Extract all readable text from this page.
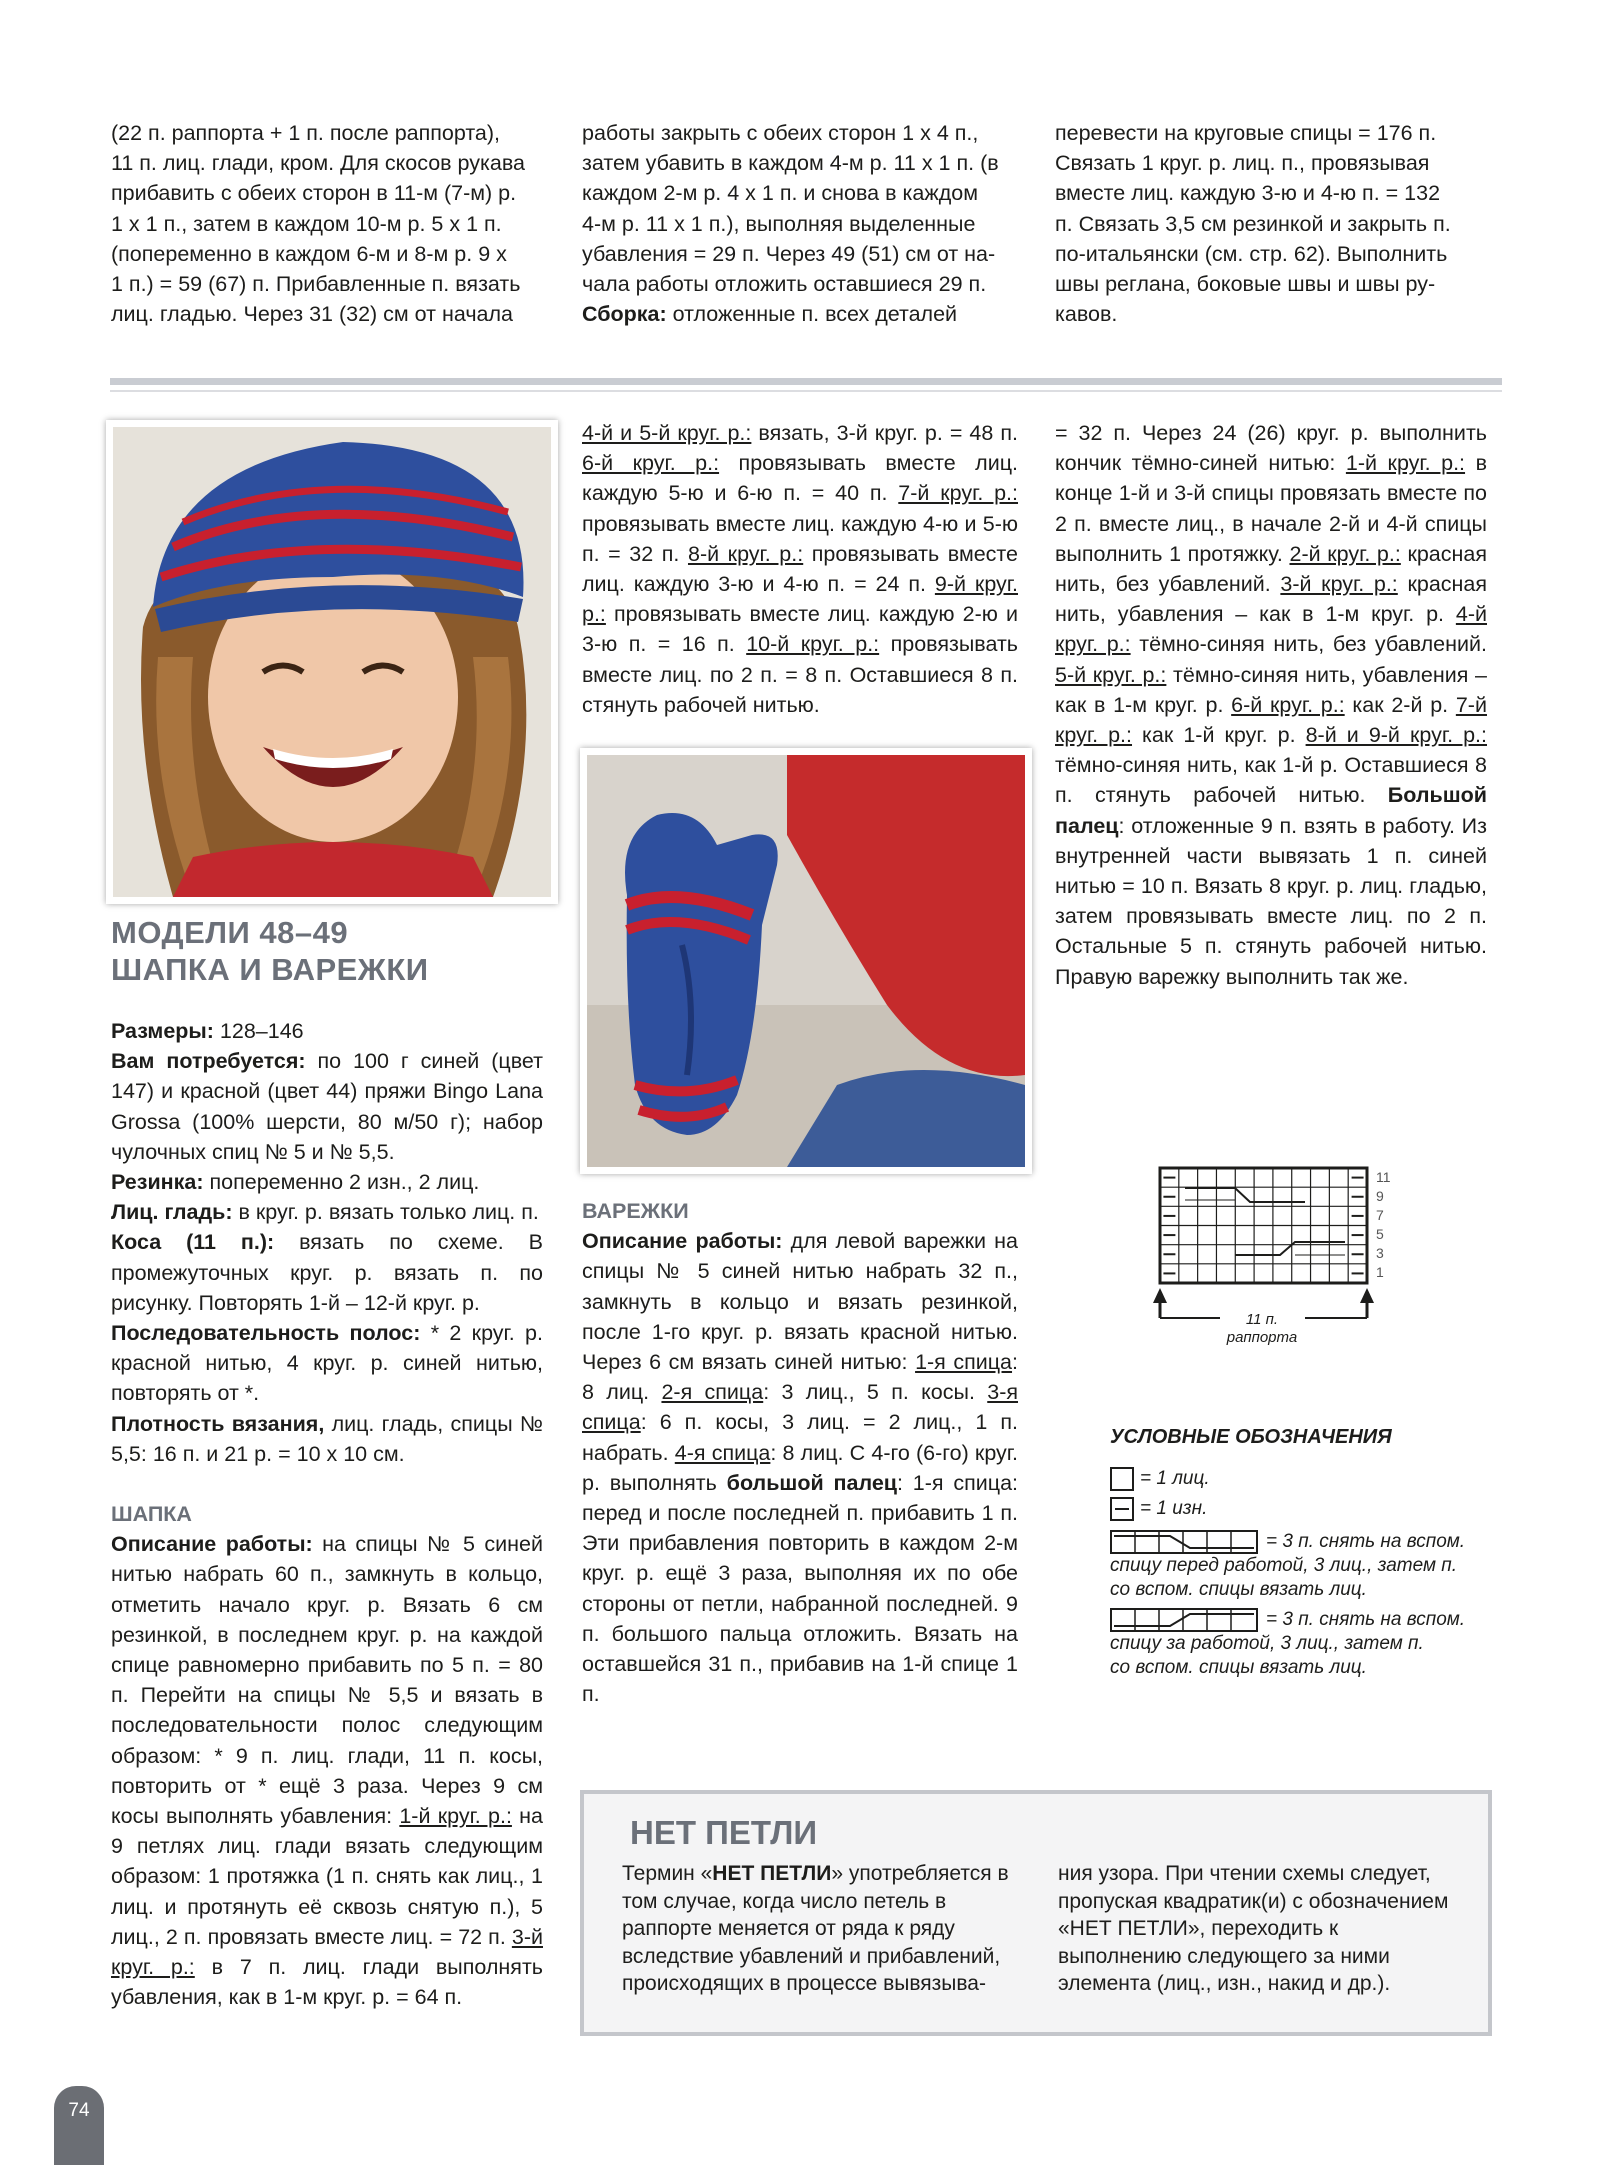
(22 п. раппорта + 1 п. после раппорта),

11 п. лиц. глади, кром. Для скосов рукава

прибавить с обеих сторон в 11-м (7-м) р.

1 х 1 п., затем в каждом 10-м р. 5 х 1 п.

(попеременно в каждом 6-м и 8-м р. 9 х

1 п.) = 59 (67) п. Прибавленные п. вязать

лиц. гладью. Через 31 (32) см от начала

работы закрыть с обеих сторон 1 х 4 п.,

затем убавить в каждом 4-м р. 11 х 1 п. (в

каждом 2-м р. 4 х 1 п. и снова в каждом

4-м р. 11 х 1 п.), выполняя выделенные

убавления = 29 п. Через 49 (51) см от на-

чала работы отложить оставшиеся 29 п.

Сборка: отложенные п. всех деталей

перевести на круговые спицы = 176 п.

Связать 1 круг. р. лиц. п., провязывая

вместе лиц. каждую 3-ю и 4-ю п. = 132

п. Связать 3,5 см резинкой и закрыть п.

по-итальянски (см. стр. 62). Выполнить

швы реглана, боковые швы и швы ру-

кавов.

МОДЕЛИ 48–49
ШАПКА И ВАРЕЖКИ

Размеры: 128–146

Вам потребуется: по 100 г синей (цвет 147) и красной (цвет 44) пряжи Bingo Lana Grossa (100% шерсти, 80 м/50 г); набор чулочных спиц № 5 и № 5,5.

Резинка: попеременно 2 изн., 2 лиц.

Лиц. гладь: в круг. р. вязать только лиц. п.

Коса (11 п.): вязать по схеме. В промежуточных круг. р. вязать п. по рисунку. Повторять 1-й – 12-й круг. р.

Последовательность полос: * 2 круг. р. красной нитью, 4 круг. р. синей нитью, повторять от *.

Плотность вязания, лиц. гладь, спицы № 5,5: 16 п. и 21 р. = 10 х 10 см.

ШАПКА

Описание работы: на спицы № 5 синей нитью набрать 60 п., замкнуть в кольцо, отметить начало круг. р. Вязать 6 см резинкой, в последнем круг. р. на каждой спице равномерно прибавить по 5 п. = 80 п. Перейти на спицы № 5,5 и вязать в последовательности полос следующим образом: * 9 п. лиц. глади, 11 п. косы, повторить от * ещё 3 раза. Через 9 см косы выполнять убавления: 1-й круг. р.: на 9 петлях лиц. глади вязать следующим образом: 1 протяжка (1 п. снять как лиц., 1 лиц. и протянуть её сквозь снятую п.), 5 лиц., 2 п. провязать вместе лиц. = 72 п. 3-й круг. р.: в 7 п. лиц. глади выполнять убавления, как в 1-м круг. р. = 64 п.

4-й и 5-й круг. р.: вязать, 3-й круг. р. = 48 п. 6-й круг. р.: провязывать вместе лиц. каждую 5-ю и 6-ю п. = 40 п. 7-й круг. р.: провязывать вместе лиц. каждую 4-ю и 5-ю п. = 32 п. 8-й круг. р.: провязывать вместе лиц. каждую 3-ю и 4-ю п. = 24 п. 9-й круг. р.: провязывать вместе лиц. каждую 2-ю и 3-ю п. = 16 п. 10-й круг. р.: провязывать вместе лиц. по 2 п. = 8 п. Оставшиеся 8 п. стянуть рабочей нитью.

ВАРЕЖКИ

Описание работы: для левой варежки на спицы № 5 синей нитью набрать 32 п., замкнуть в кольцо и вязать резинкой, после 1-го круг. р. вязать красной нитью. Через 6 см вязать синей нитью: 1-я спица: 8 лиц. 2-я спица: 3 лиц., 5 п. косы. 3-я спица: 6 п. косы, 3 лиц. = 2 лиц., 1 п. набрать. 4-я спица: 8 лиц. С 4-го (6-го) круг. р. выполнять большой палец: 1-я спица: перед и после последней п. прибавить 1 п. Эти прибавления повторить в каждом 2-м круг. р. ещё 3 раза, выполняя их по обе стороны от петли, набранной последней. 9 п. большого пальца отложить. Вязать на оставшейся 31 п., прибавив на 1-й спице 1 п.

= 32 п. Через 24 (26) круг. р. выполнить кончик тёмно-синей нитью: 1-й круг. р.: в конце 1-й и 3-й спицы провязать вместе по 2 п. вместе лиц., в начале 2-й и 4-й спицы выполнить 1 протяжку. 2-й круг. р.: красная нить, без убавлений. 3-й круг. р.: красная нить, убавления – как в 1-м круг. р. 4-й круг. р.: тёмно-синяя нить, без убавлений. 5-й круг. р.: тёмно-синяя нить, убавления – как в 1-м круг. р. 6-й круг. р.: как 2-й р. 7-й круг. р.: как 1-й круг. р. 8-й и 9-й круг. р.: тёмно-синяя нить, как 1-й р. Оставшиеся 8 п. стянуть рабочей нитью. Большой палец: отложенные 9 п. взять в работу. Из внутренней части вывязать 1 п. синей нитью = 10 п. Вязать 8 круг. р. лиц. гладью, затем провязывать вместе лиц. по 2 п. Остальные 5 п. стянуть рабочей нитью. Правую варежку выполнить так же.

11
9
7
5
3
1
11 п.
раппорта
УСЛОВНЫЕ ОБОЗНАЧЕНИЯ
= 1 лиц.
= 1 изн.
= 3 п. снять на вспом.
спицу перед работой, 3 лиц., затем п.
со вспом. спицы вязать лиц.
= 3 п. снять на вспом.
спицу за работой, 3 лиц., затем п.
со вспом. спицы вязать лиц.
НЕТ ПЕТЛИ
Термин «НЕТ ПЕТЛИ» употребляется в том случае, когда число петель в раппорте меняется от ряда к ряду вследствие убавлений и прибавлений, происходящих в процессе вывязыва-
ния узора. При чтении схемы следует, пропуская квадратик(и) с обозначением «НЕТ ПЕТЛИ», переходить к выполнению следующего за ними элемента (лиц., изн., накид и др.).
74
